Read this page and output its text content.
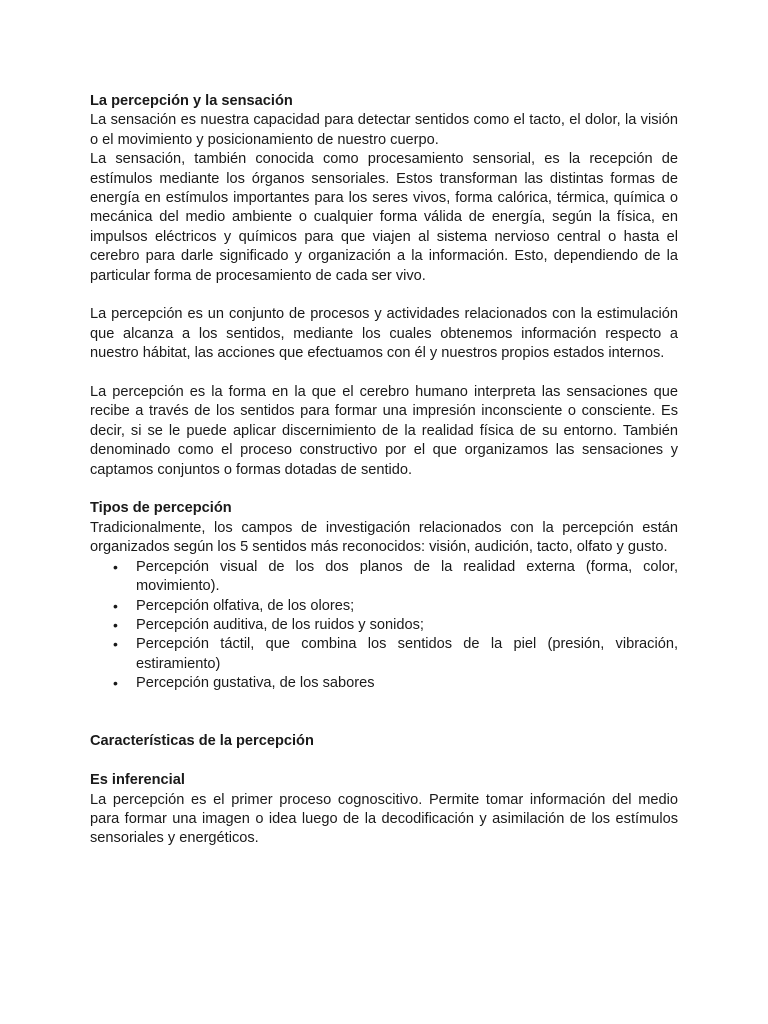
La percepción y la sensación

La sensación es nuestra capacidad para detectar sentidos como el tacto, el dolor, la visión o el movimiento y posicionamiento de nuestro cuerpo.

La sensación, también conocida como procesamiento sensorial, es la recepción de estímulos mediante los órganos sensoriales. Estos transforman las distintas formas de energía en estímulos importantes para los seres vivos, forma calórica, térmica, química o mecánica del medio ambiente o cualquier forma válida de energía, según la física, en impulsos eléctricos y químicos para que viajen al sistema nervioso central o hasta el cerebro para darle significado y organización a la información. Esto, dependiendo de la particular forma de procesamiento de cada ser vivo.

La percepción es un conjunto de procesos y actividades relacionados con la estimulación que alcanza a los sentidos, mediante los cuales obtenemos información respecto a nuestro hábitat, las acciones que efectuamos con él y nuestros propios estados internos.

La percepción es la forma en la que el cerebro humano interpreta las sensaciones que recibe a través de los sentidos para formar una impresión inconsciente o consciente. Es decir, si se le puede aplicar discernimiento de la realidad física de su entorno. También denominado como el proceso constructivo por el que organizamos las sensaciones y captamos conjuntos o formas dotadas de sentido.

Tipos de percepción

Tradicionalmente, los campos de investigación relacionados con la percepción están organizados según los 5 sentidos más reconocidos: visión, audición, tacto, olfato y gusto.

• Percepción visual de los dos planos de la realidad externa (forma, color, movimiento).
• Percepción olfativa, de los olores;
• Percepción auditiva, de los ruidos y sonidos;
• Percepción táctil, que combina los sentidos de la piel (presión, vibración, estiramiento)
• Percepción gustativa, de los sabores
Características de la percepción
Es inferencial

La percepción es el primer proceso cognoscitivo. Permite tomar información del medio para formar una imagen o idea luego de la decodificación y asimilación de los estímulos sensoriales y energéticos.
